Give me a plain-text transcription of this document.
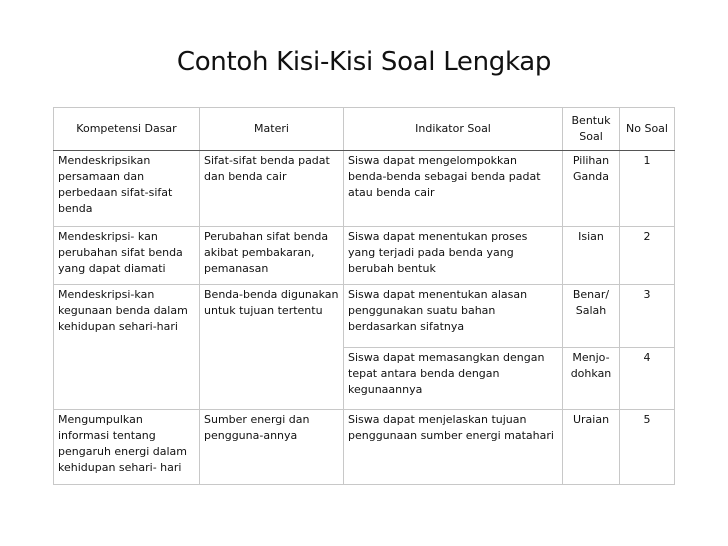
Contoh Kisi-Kisi Soal Lengkap
Kompetensi Dasar	Materi	Indikator Soal	Bentuk Soal	No Soal
Mendeskripsikan persamaan dan perbedaan sifat-sifat benda	Sifat-sifat benda padat dan benda cair	Siswa dapat mengelompokkan benda-benda sebagai benda padat atau benda cair	Pilihan Ganda	1
Mendeskripsi- kan perubahan sifat benda yang dapat diamati	Perubahan sifat benda akibat pembakaran, pemanasan	Siswa dapat menentukan proses yang terjadi pada benda yang berubah bentuk	Isian	2
Mendeskripsi-kan kegunaan benda dalam kehidupan sehari-hari	Benda-benda digunakan untuk tujuan tertentu	Siswa dapat menentukan alasan penggunakan suatu bahan berdasarkan sifatnya	Benar/ Salah	3
		Siswa dapat memasangkan dengan tepat antara benda dengan kegunaannya	Menjo- dohkan	4
Mengumpulkan informasi tentang pengaruh energi dalam kehidupan sehari- hari	Sumber energi dan pengguna-annya	Siswa dapat menjelaskan tujuan penggunaan sumber energi matahari	Uraian	5
